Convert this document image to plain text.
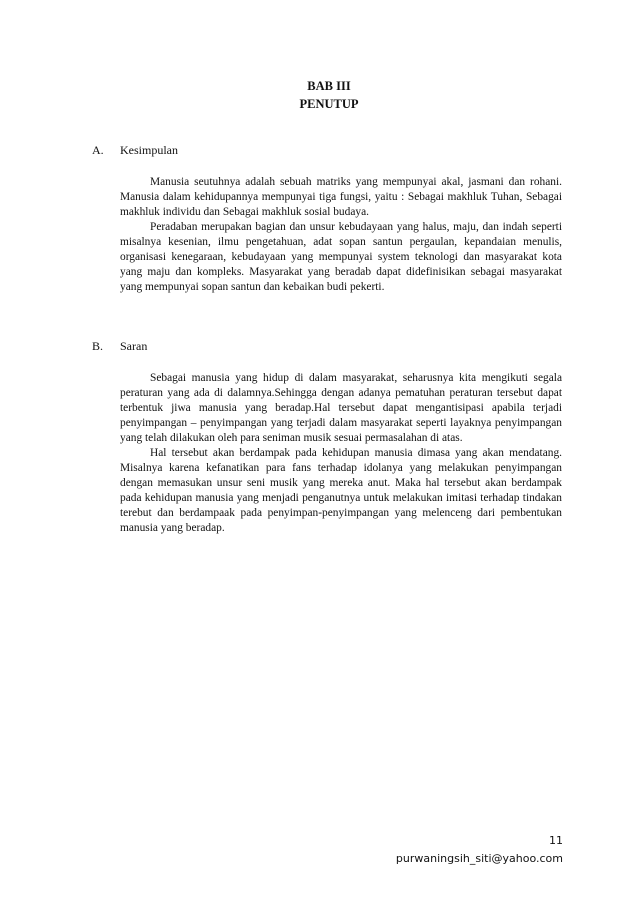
BAB III
PENUTUP
A.	Kesimpulan

Manusia seutuhnya adalah sebuah matriks yang mempunyai akal, jasmani dan rohani. Manusia dalam kehidupannya mempunyai tiga fungsi, yaitu : Sebagai makhluk Tuhan, Sebagai makhluk individu dan Sebagai makhluk sosial budaya.

Peradaban merupakan bagian dan unsur kebudayaan yang halus, maju, dan indah seperti misalnya kesenian, ilmu pengetahuan, adat sopan santun pergaulan, kepandaian menulis, organisasi kenegaraan, kebudayaan yang mempunyai system teknologi dan masyarakat kota yang maju dan kompleks. Masyarakat yang beradab dapat didefinisikan sebagai masyarakat yang mempunyai sopan santun dan kebaikan budi pekerti.

B.	Saran

Sebagai manusia yang hidup di dalam masyarakat, seharusnya kita mengikuti segala peraturan yang ada di dalamnya.Sehingga dengan adanya pematuhan peraturan tersebut dapat terbentuk jiwa manusia yang beradap.Hal tersebut dapat mengantisipasi apabila terjadi penyimpangan – penyimpangan yang terjadi dalam masyarakat seperti layaknya penyimpangan yang telah dilakukan oleh para seniman musik sesuai permasalahan di atas.

Hal tersebut akan berdampak pada kehidupan manusia dimasa yang akan mendatang. Misalnya karena kefanatikan para fans terhadap idolanya yang melakukan penyimpangan dengan memasukan unsur seni musik yang mereka anut. Maka hal tersebut akan berdampak pada kehidupan manusia yang menjadi penganutnya untuk melakukan imitasi terhadap tindakan terebut dan berdampaak pada penyimpan-penyimpangan yang melenceng dari pembentukan manusia yang beradap.

11
purwaningsih_siti@yahoo.com
